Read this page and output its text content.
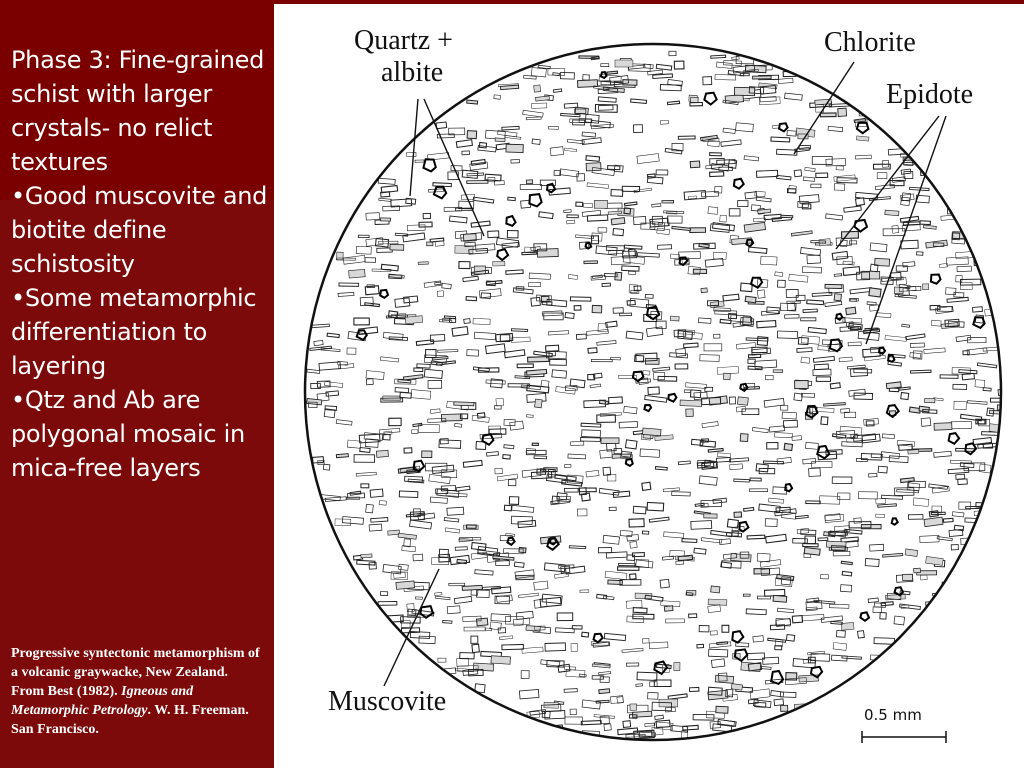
Phase 3: Fine-grained schist with larger crystals- no relict textures

•Good muscovite and biotite define schistosity

•Some metamorphic differentiation to layering

•Qtz and Ab are polygonal mosaic in mica-free layers

Progressive syntectonic metamorphism of a volcanic graywacke, New Zealand. From Best (1982). Igneous and Metamorphic Petrology. W. H. Freeman. San Francisco.
Quartz +
albite
Chlorite
Epidote
Muscovite	0.5 mm
